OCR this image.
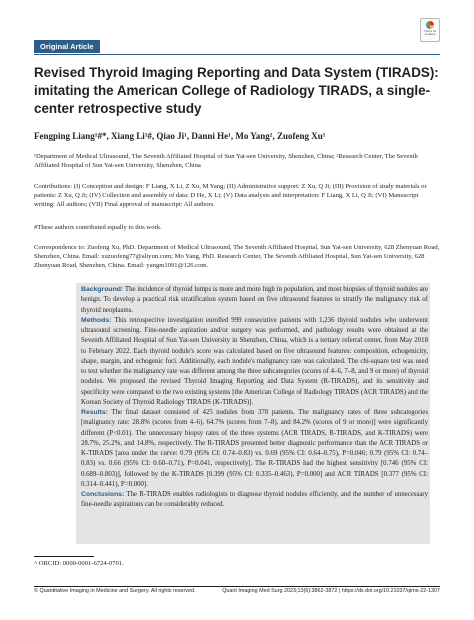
Original Article
Check for updates
Revised Thyroid Imaging Reporting and Data System (TIRADS): imitating the American College of Radiology TIRADS, a single-center retrospective study
Fengping Liang¹#*, Xiang Li¹#, Qiao Ji¹, Danni He¹, Mo Yang², Zuofeng Xu¹
¹Department of Medical Ultrasound, The Seventh Affiliated Hospital of Sun Yat-sen University, Shenzhen, China; ²Research Center, The Seventh Affiliated Hospital of Sun Yat-sen University, Shenzhen, China
Contributions: (I) Conception and design: F Liang, X Li, Z Xu, M Yang; (II) Administrative support: Z Xu, Q Ji; (III) Provision of study materials or patients: Z Xu, Q Ji; (IV) Collection and assembly of data: D He, X Li; (V) Data analysis and interpretation: F Liang, X Li, Q Ji; (VI) Manuscript writing: All authors; (VII) Final approval of manuscript: All authors.
#These authors contributed equally to this work.
Correspondence to: Zuofeng Xu, PhD. Department of Medical Ultrasound, The Seventh Affiliated Hospital, Sun Yat-sen University, 628 Zhenyuan Road, Shenzhen, China. Email: xuzuofeng77@aliyun.com; Mo Yang, PhD. Research Center, The Seventh Affiliated Hospital, Sun Yat-sen University, 628 Zhenyuan Road, Shenzhen, China. Email: yangm1091@126.com.

Background: The incidence of thyroid lumps is more and more high in population, and most biopsies of thyroid nodules are benign. To develop a practical risk stratification system based on five ultrasound features to stratify the malignancy risk of thyroid neoplasms.

Methods: This retrospective investigation enrolled 999 consecutive patients with 1,236 thyroid nodules who underwent ultrasound screening. Fine-needle aspiration and/or surgery was performed, and pathology results were obtained at the Seventh Affiliated Hospital of Sun Yat-sen University in Shenzhen, China, which is a tertiary referral center, from May 2018 to February 2022. Each thyroid nodule's score was calculated based on five ultrasound features: composition, echogenicity, shape, margin, and echogenic foci. Additionally, each nodule's malignancy rate was calculated. The chi-square test was used to test whether the malignancy rate was different among the three subcategories (scores of 4–6, 7–8, and 9 or more) of thyroid nodules. We proposed the revised Thyroid Imaging Reporting and Data System (R-TIRADS), and its sensitivity and specificity were compared to the two existing systems [the American College of Radiology TIRADS (ACR TIRADS) and the Korean Society of Thyroid Radiology TIRADS (K-TIRADS)].

Results: The final dataset consisted of 425 nodules from 370 patients. The malignancy rates of three subcategories [malignancy rate: 28.8% (scores from 4–6), 64.7% (scores from 7–8), and 84.2% (scores of 9 or more)] were significantly different (P<0.01). The unnecessary biopsy rates of the three systems (ACR TIRADS, R-TIRADS, and K-TIRADS) were 28.7%, 25.2%, and 14.8%, respectively. The R-TIRADS presented better diagnostic performance than the ACR TIRADS or K-TIRADS [area under the curve: 0.79 (95% CI: 0.74–0.83) vs. 0.69 (95% CI: 0.64–0.75), P=0.046; 0.79 (95% CI: 0.74–0.83) vs. 0.66 (95% CI: 0.60–0.71), P=0.041, respectively]. The R-TIRADS had the highest sensitivity [0.746 (95% CI: 0.689–0.803)], followed by the K-TIRADS [0.399 (95% CI: 0.335–0.463), P=0.000] and ACR TIRADS [0.377 (95% CI: 0.314–0.441), P=0.000].

Conclusions: The R-TIRADS enables radiologists to diagnose thyroid nodules efficiently, and the number of unnecessary fine-needle aspirations can be considerably reduced.

^ ORCID: 0000-0001-6724-0701.
© Quantitative Imaging in Medicine and Surgery. All rights reserved.	Quant Imaging Med Surg 2023;13(6):3862-3872 | https://dx.doi.org/10.21037/qims-22-1307
